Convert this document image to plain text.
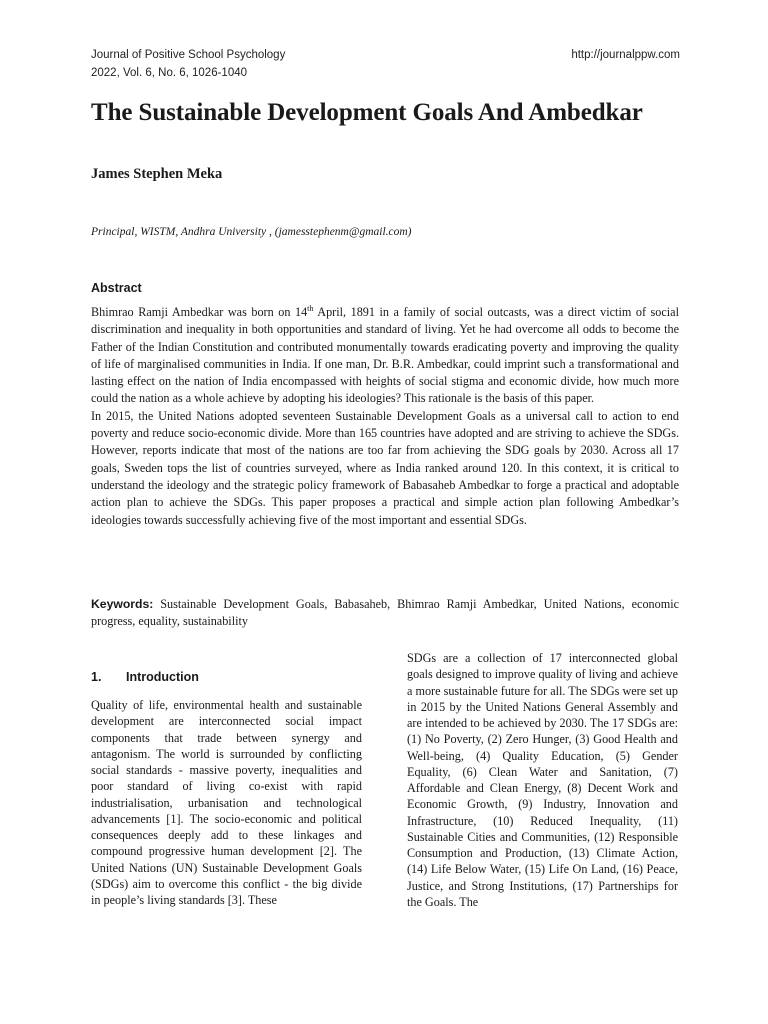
Journal of Positive School Psychology
2022, Vol. 6, No. 6, 1026-1040
http://journalppw.com
The Sustainable Development Goals And Ambedkar

James Stephen Meka

Principal, WISTM, Andhra University , (jamesstephenm@gmail.com)

Abstract

Bhimrao Ramji Ambedkar was born on 14th April, 1891 in a family of social outcasts, was a direct victim of social discrimination and inequality in both opportunities and standard of living. Yet he had overcome all odds to become the Father of the Indian Constitution and contributed monumentally towards eradicating poverty and improving the quality of life of marginalised communities in India. If one man, Dr. B.R. Ambedkar, could imprint such a transformational and lasting effect on the nation of India encompassed with heights of social stigma and economic divide, how much more could the nation as a whole achieve by adopting his ideologies? This rationale is the basis of this paper.

In 2015, the United Nations adopted seventeen Sustainable Development Goals as a universal call to action to end poverty and reduce socio-economic divide. More than 165 countries have adopted and are striving to achieve the SDGs. However, reports indicate that most of the nations are too far from achieving the SDG goals by 2030. Across all 17 goals, Sweden tops the list of countries surveyed, where as India ranked around 120. In this context, it is critical to understand the ideology and the strategic policy framework of Babasaheb Ambedkar to forge a practical and adoptable action plan to achieve the SDGs. This paper proposes a practical and simple action plan following Ambedkar’s ideologies towards successfully achieving five of the most important and essential SDGs.

Keywords: Sustainable Development Goals, Babasaheb, Bhimrao Ramji Ambedkar, United Nations, economic progress, equality, sustainability

1. Introduction

Quality of life, environmental health and sustainable development are interconnected social impact components that trade between synergy and antagonism. The world is surrounded by conflicting social standards - massive poverty, inequalities and poor standard of living co-exist with rapid industrialisation, urbanisation and technological advancements [1]. The socio-economic and political consequences deeply add to these linkages and compound progressive human development [2]. The United Nations (UN) Sustainable Development Goals (SDGs) aim to overcome this conflict - the big divide in people’s living standards [3]. These

SDGs are a collection of 17 interconnected global goals designed to improve quality of living and achieve a more sustainable future for all. The SDGs were set up in 2015 by the United Nations General Assembly and are intended to be achieved by 2030. The 17 SDGs are: (1) No Poverty, (2) Zero Hunger, (3) Good Health and Well-being, (4) Quality Education, (5) Gender Equality, (6) Clean Water and Sanitation, (7) Affordable and Clean Energy, (8) Decent Work and Economic Growth, (9) Industry, Innovation and Infrastructure, (10) Reduced Inequality, (11) Sustainable Cities and Communities, (12) Responsible Consumption and Production, (13) Climate Action, (14) Life Below Water, (15) Life On Land, (16) Peace, Justice, and Strong Institutions, (17) Partnerships for the Goals. The
